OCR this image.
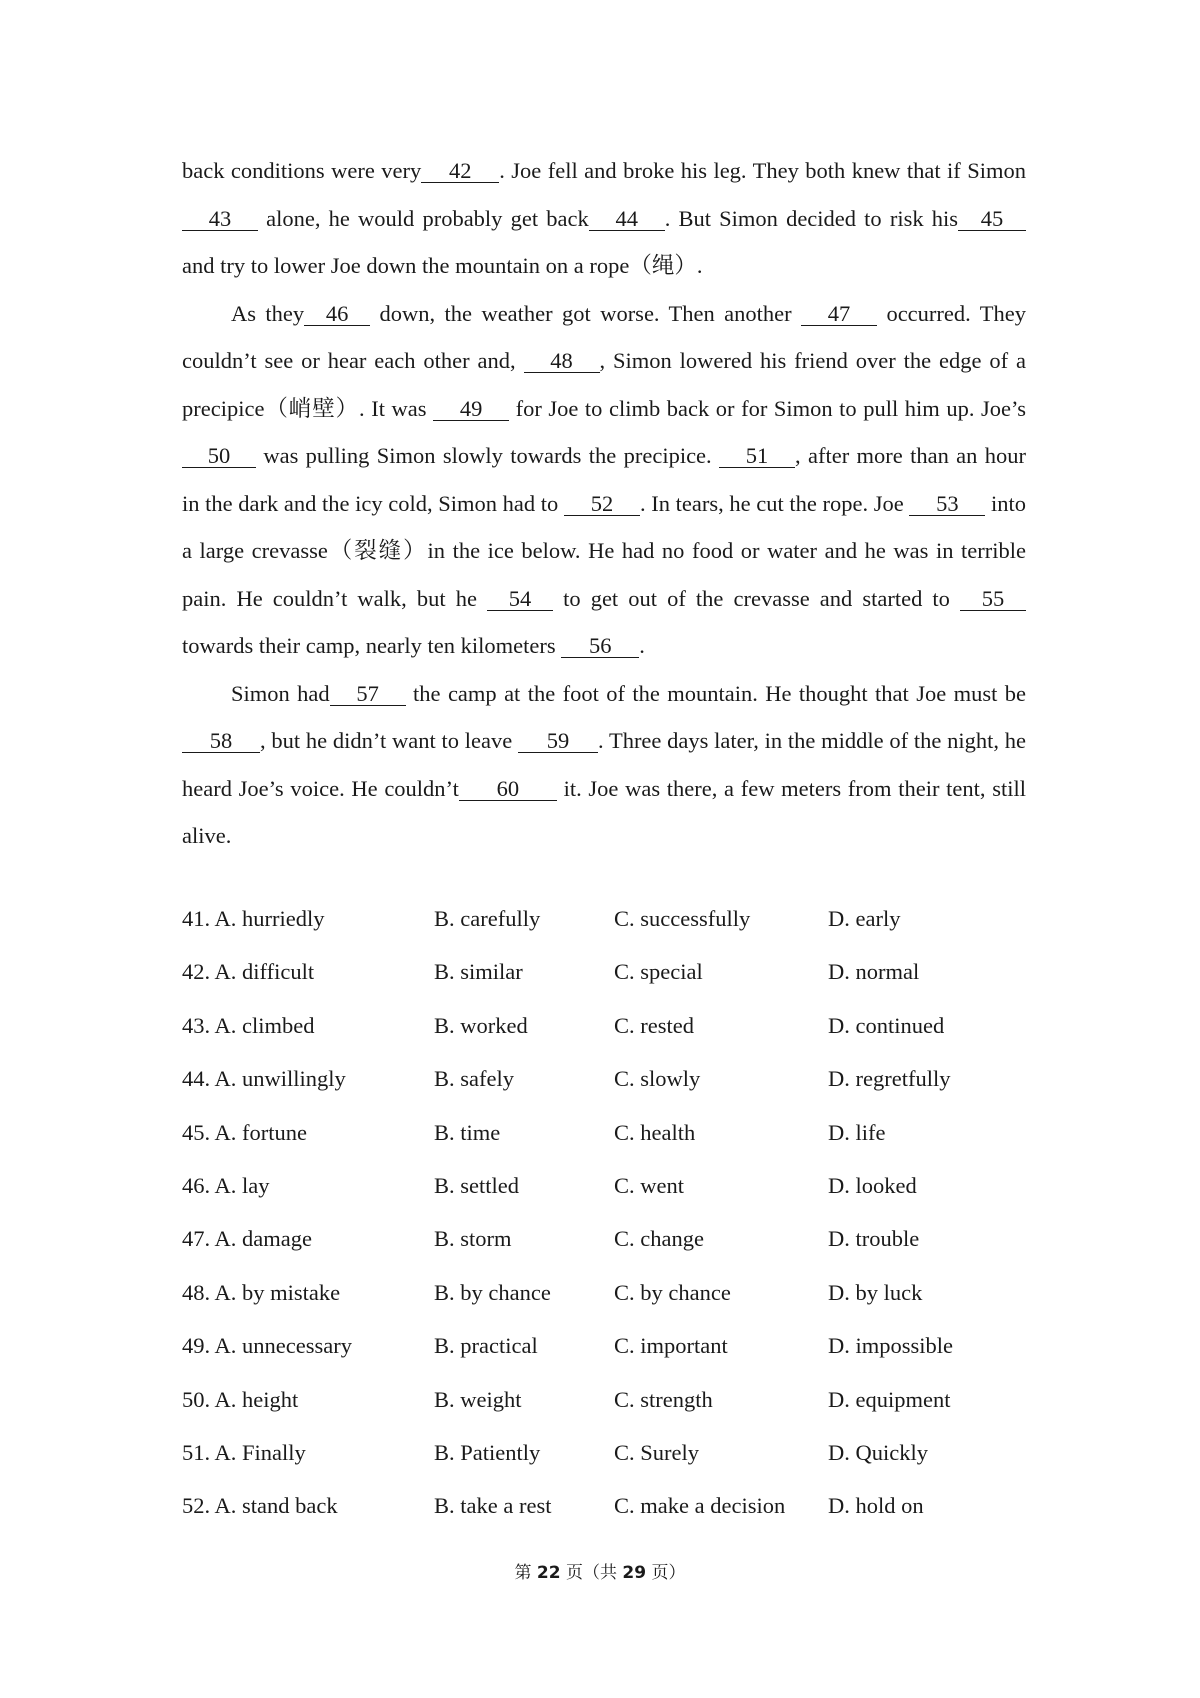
back conditions were very 42 . Joe fell and broke his leg. They both knew that if Simon 43 alone, he would probably get back 44 . But Simon decided to risk his 45 and try to lower Joe down the mountain on a rope（绳）.

As they 46 down, the weather got worse. Then another 47 occurred. They couldn’t see or hear each other and, 48 , Simon lowered his friend over the edge of a precipice（峭壁）. It was 49 for Joe to climb back or for Simon to pull him up. Joe’s50 was pulling Simon slowly towards the precipice. 51 , after more than an hour in the dark and the icy cold, Simon had to 52 . In tears, he cut the rope. Joe 53 into a large crevasse（裂缝）in the ice below. He had no food or water and he was in terrible pain. He couldn’t walk, but he 54 to get out of the crevasse and started to 55 towards their camp, nearly ten kilometers 56 .

Simon had 57 the camp at the foot of the mountain. He thought that Joe must be58 , but he didn’t want to leave 59 . Three days later, in the middle of the night, he heard Joe’s voice. He couldn’t 60 it. Joe was there, a few meters from their tent, still alive.

41. A. hurriedly	B. carefully	C. successfully	D. early
42. A. difficult	B. similar	C. special	D. normal
43. A. climbed	B. worked	C. rested	D. continued
44. A. unwillingly	B. safely	C. slowly	D. regretfully
45. A. fortune	B. time	C. health	D. life
46. A. lay	B. settled	C. went	D. looked
47. A. damage	B. storm	C. change	D. trouble
48. A. by mistake	B. by chance	C. by chance	D. by luck
49. A. unnecessary	B. practical	C. important	D. impossible
50. A. height	B. weight	C. strength	D. equipment
51. A. Finally	B. Patiently	C. Surely	D. Quickly
52. A. stand back	B. take a rest	C. make a decision D. hold on
第 22 页（共 29 页）
